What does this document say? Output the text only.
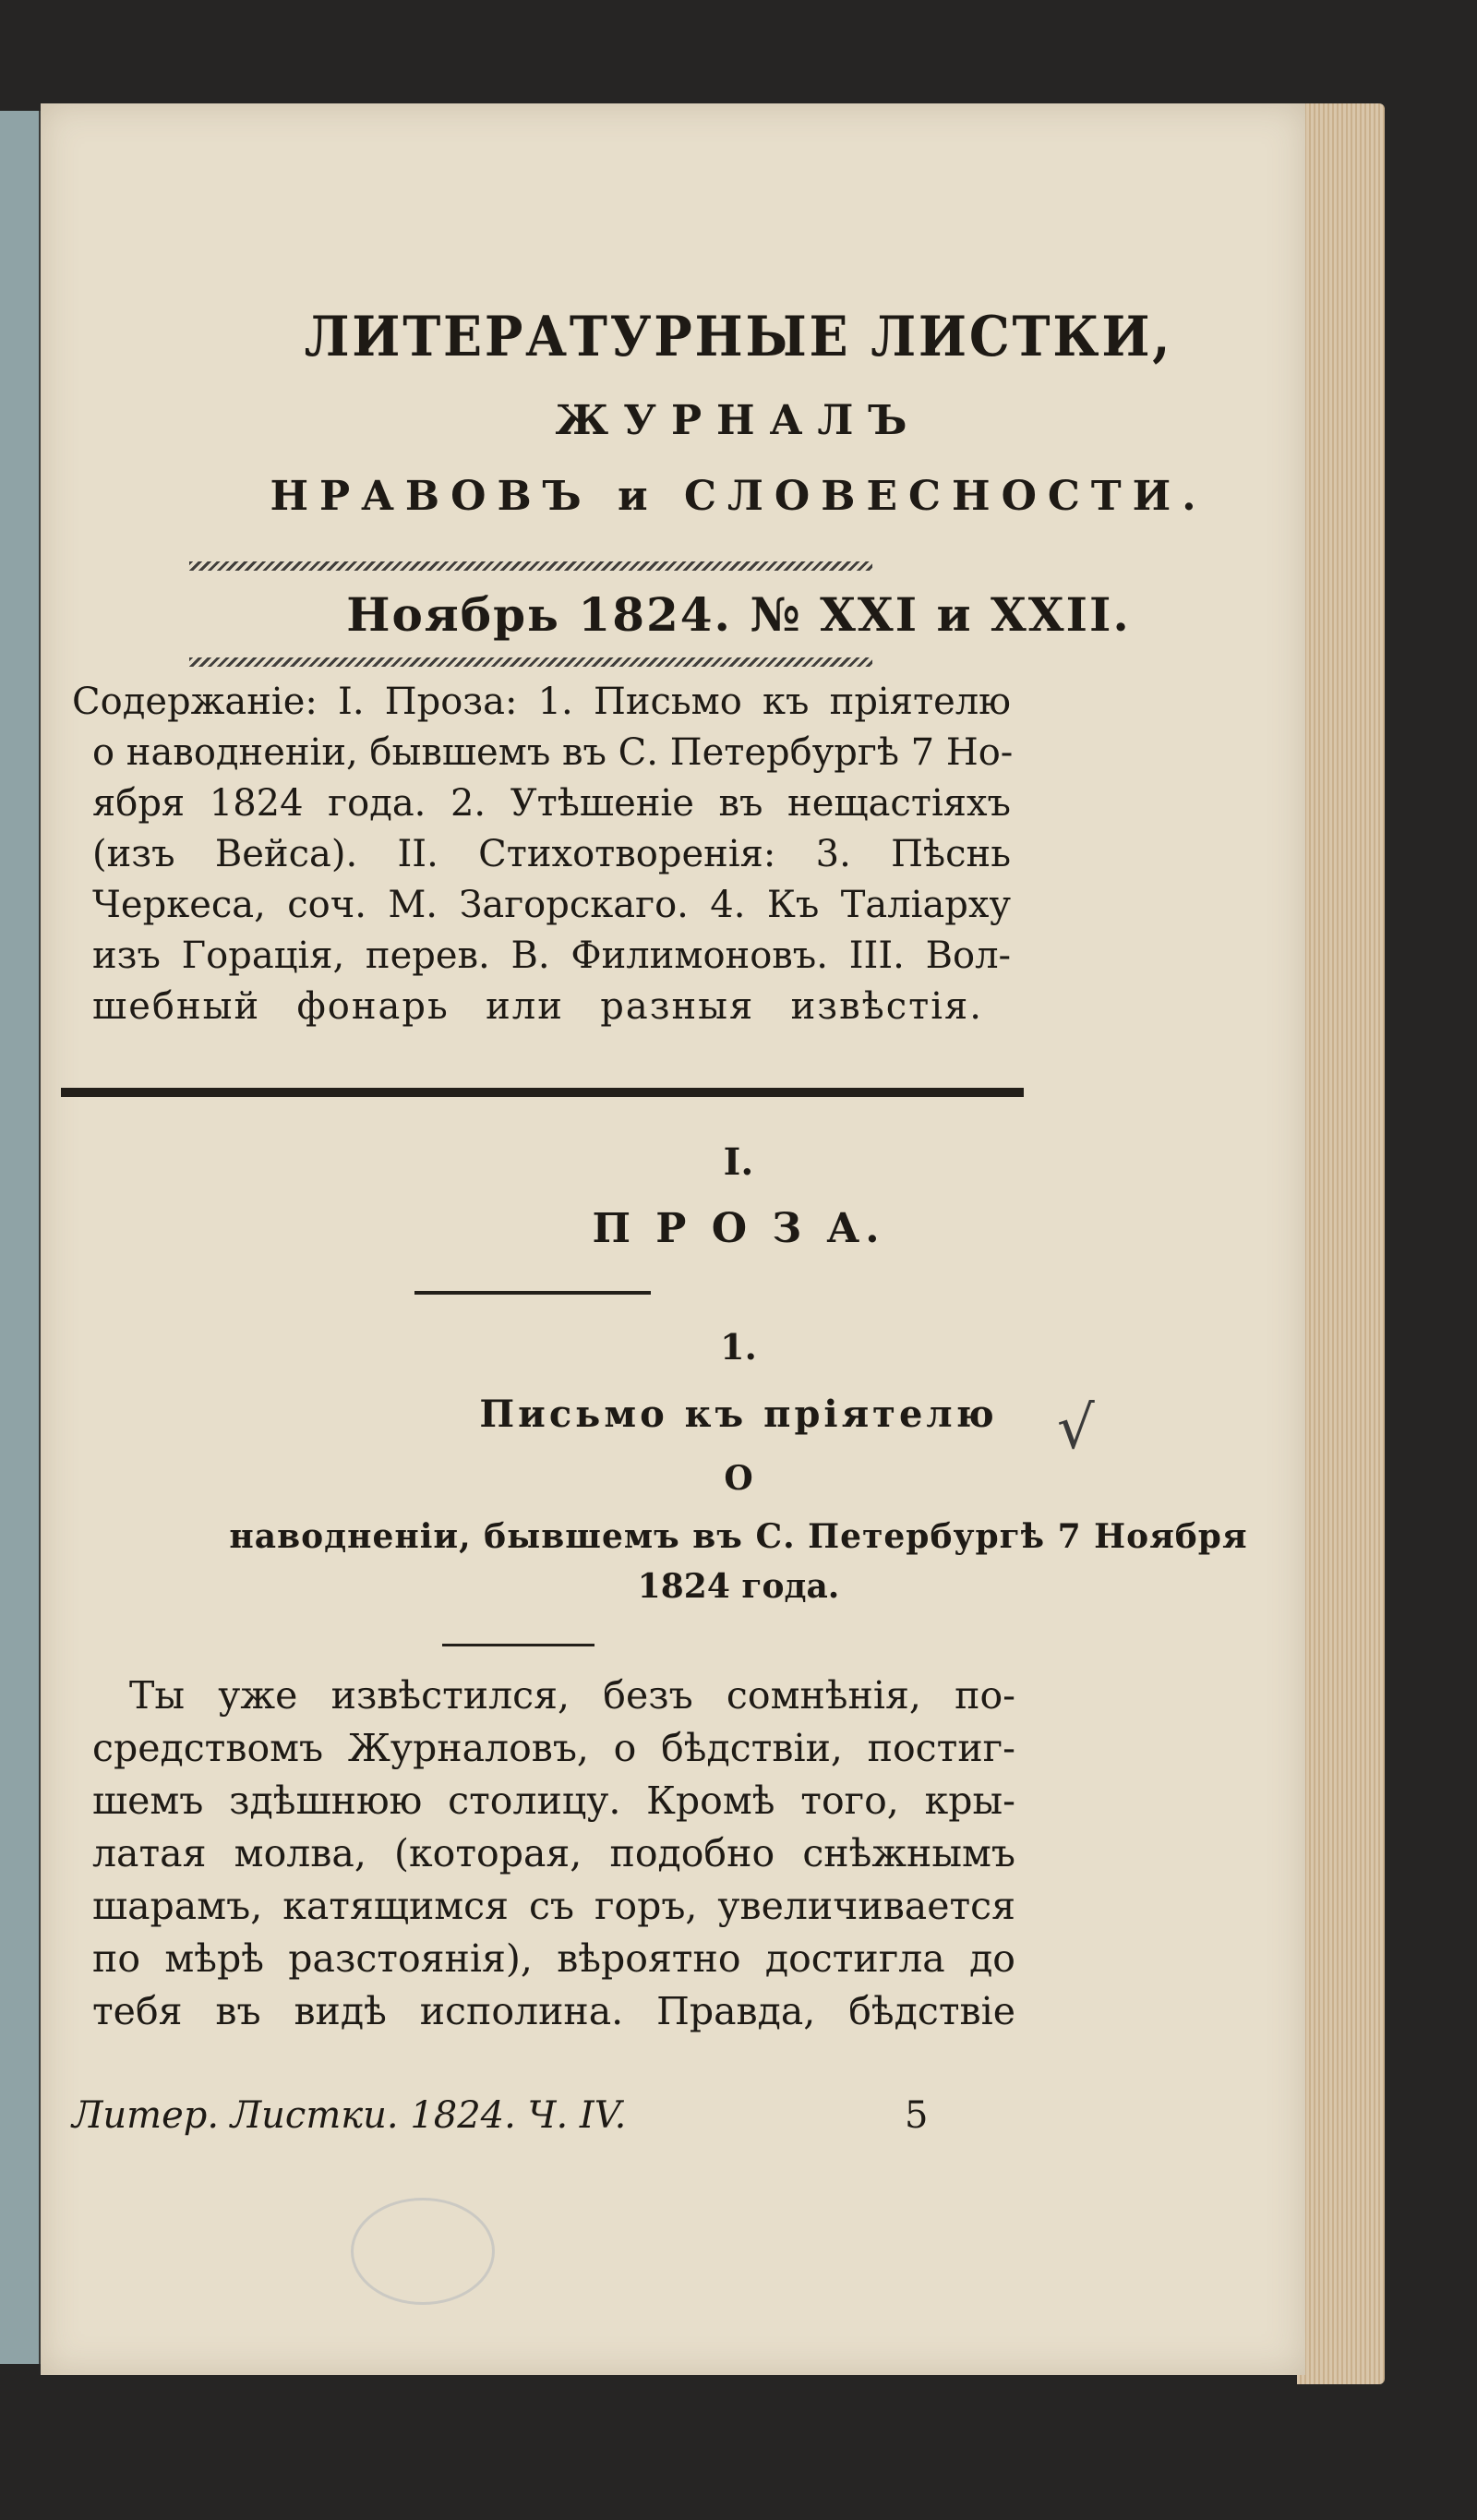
ЛИТЕРАТУРНЫЕ ЛИСТКИ,
ЖУРНАЛЪ
НРАВОВЪ и СЛОВЕСНОСТИ.
Ноябрь 1824. № XXI и XXII.
Содержаніе: I. Проза: 1. Письмо къ пріятелю
о наводненіи, бывшемъ въ С. Петербургѣ 7 Но-
ября 1824 года. 2. Утѣшеніе въ нещастіяхъ
(изъ Вейса). II. Стихотворенія: 3. Пѣснь
Черкеса, соч. М. Загорскаго. 4. Къ Таліарху
изъ Горація, перев. В. Филимоновъ. III. Вол-
шебный фонарь или разныя извѣстія.
I.
П Р О З А.
1.
Письмо къ пріятелю
О
наводненіи, бывшемъ въ С. Петербургѣ 7 Ноября
1824 года.
Ты уже извѣстился, безъ сомнѣнія, по-
средствомъ Журналовъ, о бѣдствіи, постиг-
шемъ здѣшнюю столицу. Кромѣ того, кры-
латая молва, (которая, подобно снѣжнымъ
шарамъ, катящимся съ горъ, увеличивается
по мѣрѣ разстоянія), вѣроятно достигла до
тебя въ видѣ исполина. Правда, бѣдствіе
Литер. Листки. 1824. Ч. IV.	5
√
